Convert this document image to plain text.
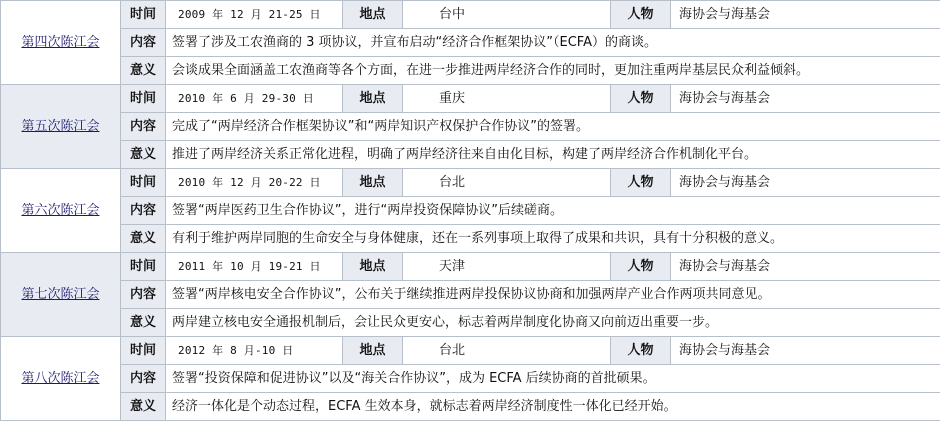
第四次陈江会	时间	2009 年 12 月 21-25 日	地点	台中	人物	海协会与海基会
	内容	签署了涉及工农渔商的 3 项协议，并宣布启动“经济合作框架协议”（ECFA）的商谈。				
	意义	会谈成果全面涵盖工农渔商等各个方面，在进一步推进两岸经济合作的同时，更加注重两岸基层民众利益倾斜。				
第五次陈江会	时间	2010 年 6 月 29-30 日	地点	重庆	人物	海协会与海基会
	内容	完成了“两岸经济合作框架协议”和“两岸知识产权保护合作协议”的签署。				
	意义	推进了两岸经济关系正常化进程，明确了两岸经济往来自由化目标，构建了两岸经济合作机制化平台。				
第六次陈江会	时间	2010 年 12 月 20-22 日	地点	台北	人物	海协会与海基会
	内容	签署“两岸医药卫生合作协议”，进行“两岸投资保障协议”后续磋商。				
	意义	有利于维护两岸同胞的生命安全与身体健康，还在一系列事项上取得了成果和共识，具有十分积极的意义。				
第七次陈江会	时间	2011 年 10 月 19-21 日	地点	天津	人物	海协会与海基会
	内容	签署“两岸核电安全合作协议”，公布关于继续推进两岸投保协议协商和加强两岸产业合作两项共同意见。				
	意义	两岸建立核电安全通报机制后，会让民众更安心，标志着两岸制度化协商又向前迈出重要一步。				
第八次陈江会	时间	2012 年 8 月-10 日	地点	台北	人物	海协会与海基会
	内容	签署“投资保障和促进协议”以及“海关合作协议”，成为 ECFA 后续协商的首批硕果。				
	意义	经济一体化是个动态过程，ECFA 生效本身，就标志着两岸经济制度性一体化已经开始。				
